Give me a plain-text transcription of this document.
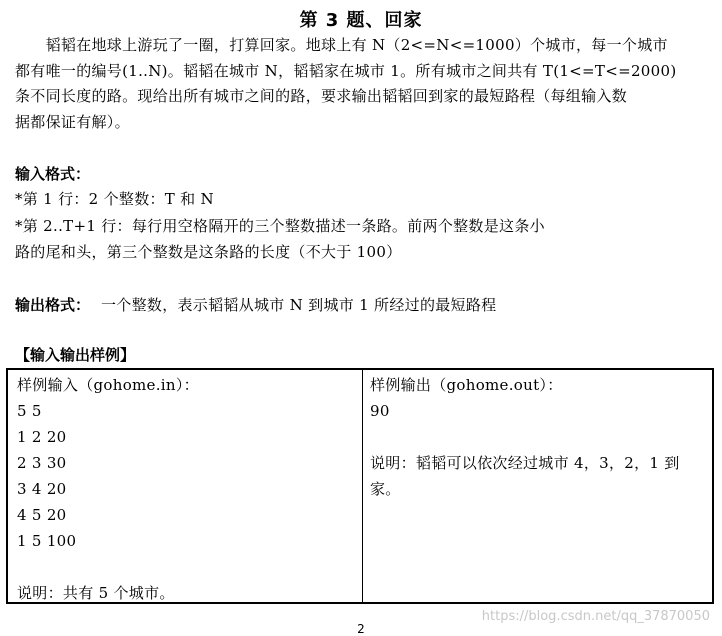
第 3 题、回家
　　韬韬在地球上游玩了一圈，打算回家。地球上有 N（2<=N<=1000）个城市，每一个城市
都有唯一的编号(1..N)。韬韬在城市 N，韬韬家在城市 1。所有城市之间共有 T(1<=T<=2000)
条不同长度的路。现给出所有城市之间的路，要求输出韬韬回到家的最短路程（每组输入数
据都保证有解）。
输入格式：
*第 1 行：2 个整数：T 和 N
*第 2..T+1 行：每行用空格隔开的三个整数描述一条路。前两个整数是这条小
路的尾和头，第三个整数是这条路的长度（不大于 100）
输出格式： 一个整数，表示韬韬从城市 N 到城市 1 所经过的最短路程
【输入输出样例】
样例输入（gohome.in）：
5 5
1 2 20
2 3 30
3 4 20
4 5 20
1 5 100
说明：共有 5 个城市。
样例输出（gohome.out）：
90
说明：韬韬可以依次经过城市 4，3，2，1 到
家。
https://blog.csdn.net/qq_37870050
2
